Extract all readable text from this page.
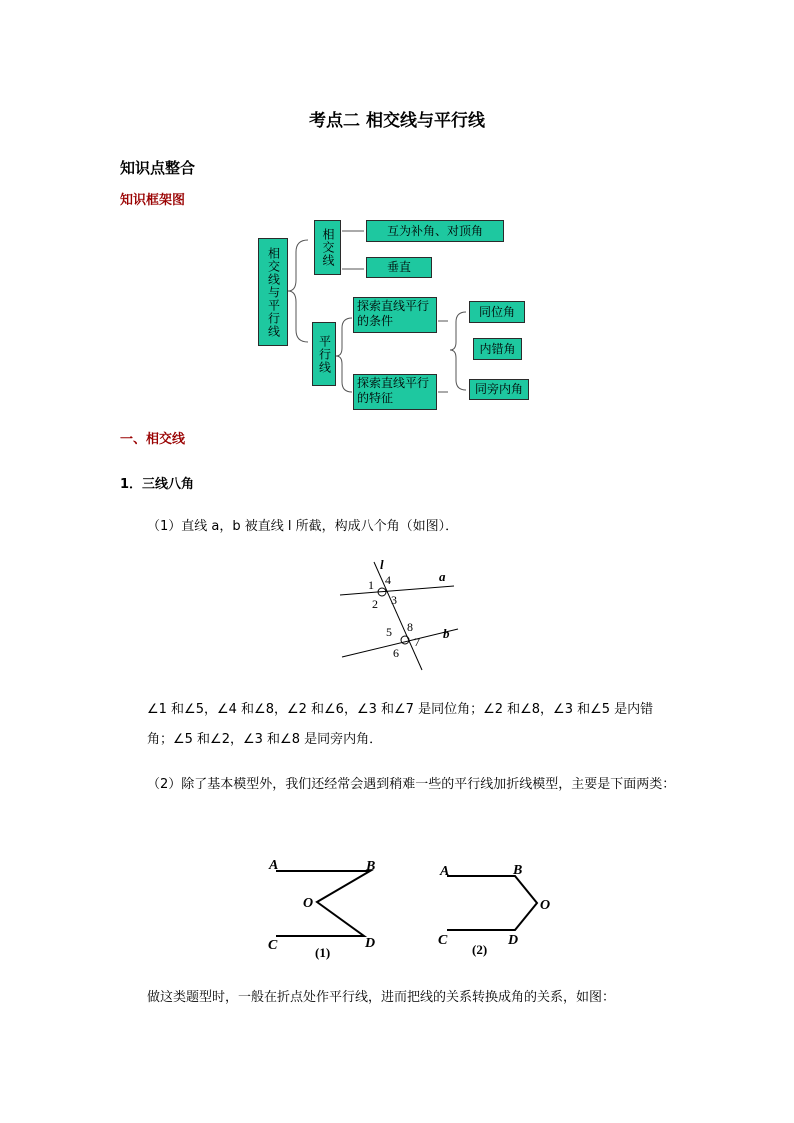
考点二 相交线与平行线
知识点整合
知识框架图
相交线与平行线	相交线	互为补角、对顶角
垂直
平行线
探索直线平行的条件
探索直线平行的特征
同位角
内错角
同旁内角
一、相交线
1．三线八角
（1）直线 a，b 被直线 l 所截，构成八个角（如图）．
l
a
b
1
2 3
4
5
6
7
8
∠1 和∠5，∠4 和∠8，∠2 和∠6，∠3 和∠7 是同位角；∠2 和∠8，∠3 和∠5 是内错角；∠5 和∠2，∠3 和∠8 是同旁内角．
（2）除了基本模型外，我们还经常会遇到稍难一些的平行线加折线模型，主要是下面两类：
A	B
O
C	D
A	B
O
C	D
(1)	(2)
做这类题型时，一般在折点处作平行线，进而把线的关系转换成角的关系，如图：
